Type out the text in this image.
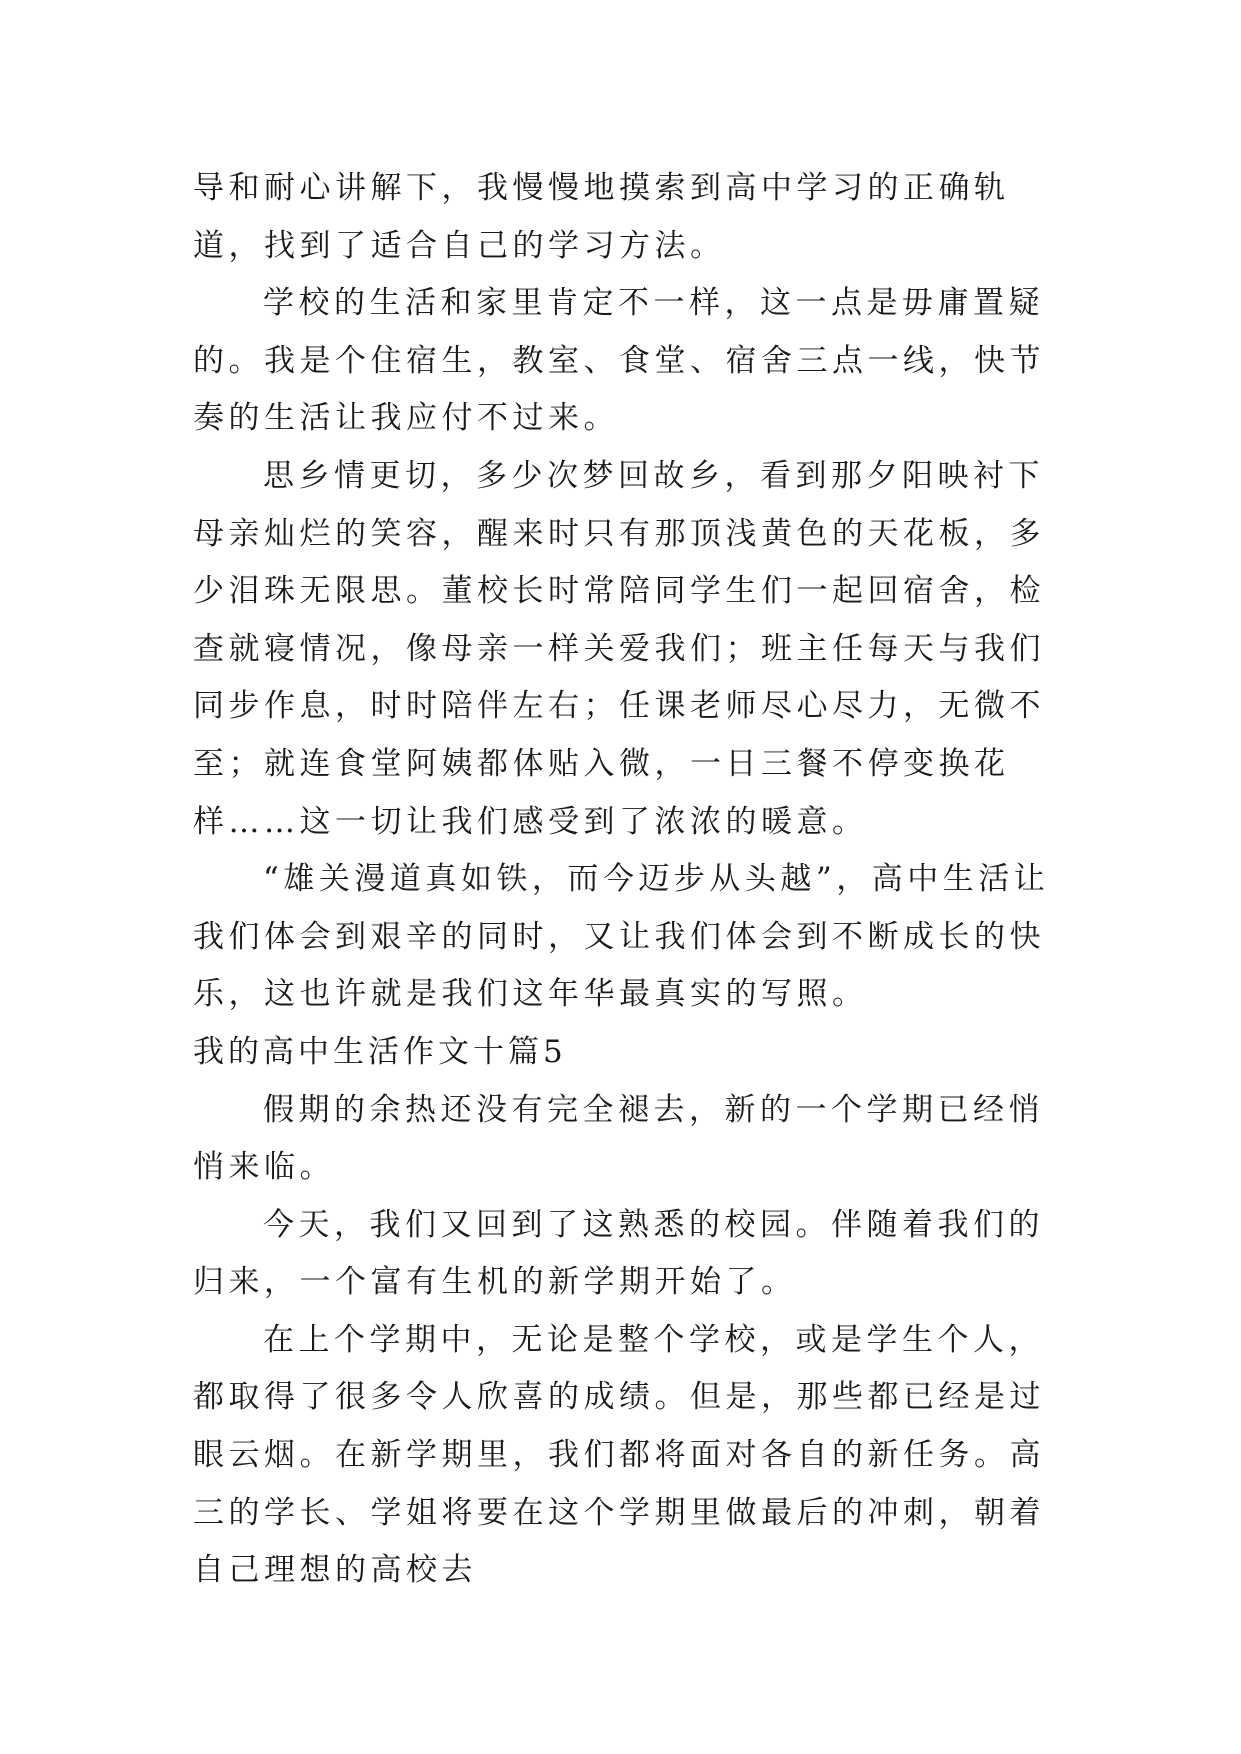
导和耐心讲解下，我慢慢地摸索到高中学习的正确轨道，找到了适合自己的学习方法。

学校的生活和家里肯定不一样，这一点是毋庸置疑的。我是个住宿生，教室、食堂、宿舍三点一线，快节奏的生活让我应付不过来。

思乡情更切，多少次梦回故乡，看到那夕阳映衬下母亲灿烂的笑容，醒来时只有那顶浅黄色的天花板，多少泪珠无限思。董校长时常陪同学生们一起回宿舍，检查就寝情况，像母亲一样关爱我们；班主任每天与我们同步作息，时时陪伴左右；任课老师尽心尽力，无微不至；就连食堂阿姨都体贴入微，一日三餐不停变换花样……这一切让我们感受到了浓浓的暖意。

“雄关漫道真如铁，而今迈步从头越”，高中生活让我们体会到艰辛的同时，又让我们体会到不断成长的快乐，这也许就是我们这年华最真实的写照。

我的高中生活作文十篇5

假期的余热还没有完全褪去，新的一个学期已经悄悄来临。

今天，我们又回到了这熟悉的校园。伴随着我们的归来，一个富有生机的新学期开始了。

在上个学期中，无论是整个学校，或是学生个人，都取得了很多令人欣喜的成绩。但是，那些都已经是过眼云烟。在新学期里，我们都将面对各自的新任务。高三的学长、学姐将要在这个学期里做最后的冲刺，朝着自己理想的高校去
